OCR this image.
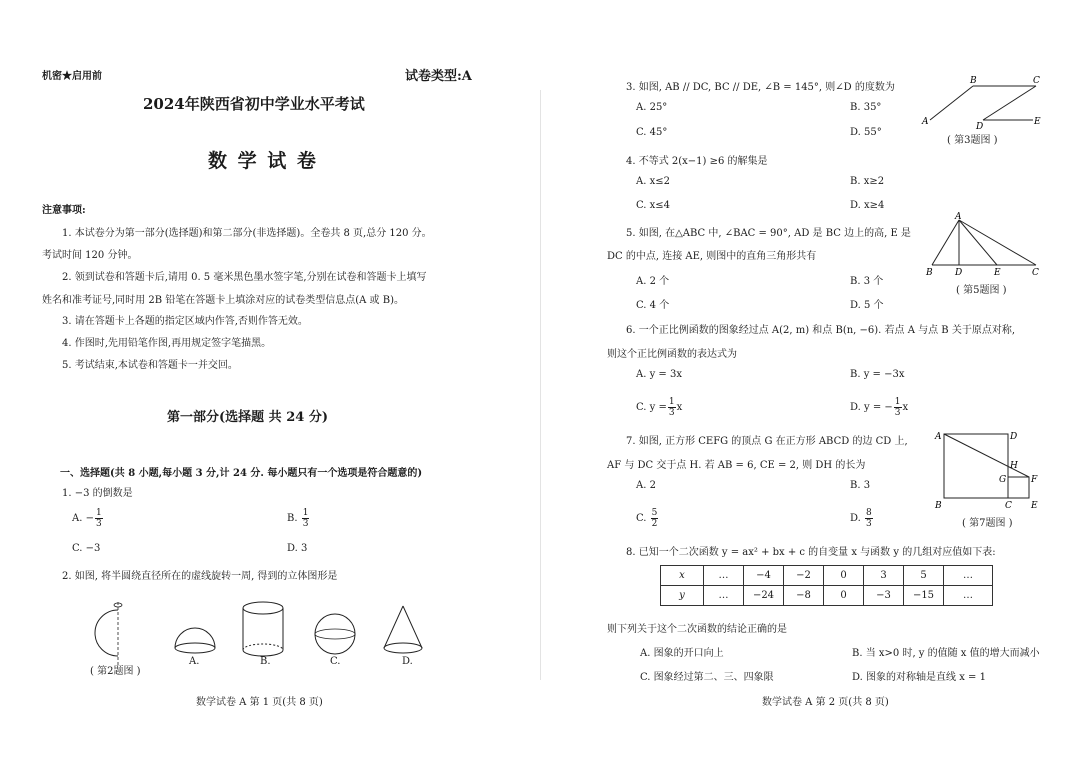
机密★启用前	试卷类型:A
2024年陕西省初中学业水平考试
数 学 试 卷
注意事项:
1. 本试卷分为第一部分(选择题)和第二部分(非选择题)。全卷共 8 页,总分 120 分。
考试时间 120 分钟。
2. 领到试卷和答题卡后,请用 0. 5 毫米黑色墨水签字笔,分别在试卷和答题卡上填写
姓名和准考证号,同时用 2B 铅笔在答题卡上填涂对应的试卷类型信息点(A 或 B)。
3. 请在答题卡上各题的指定区域内作答,否则作答无效。
4. 作图时,先用铅笔作图,再用规定签字笔描黑。
5. 考试结束,本试卷和答题卡一并交回。
第一部分(选择题 共 24 分)
一、选择题(共 8 小题,每小题 3 分,计 24 分. 每小题只有一个选项是符合题意的)
1. −3 的倒数是
A. − $\frac{1}{3}$	B. $\frac{1}{3}$
C. −3	D. 3
2. 如图, 将半圆绕直径所在的虚线旋转一周, 得到的立体图形是
( 第2题图 )
A.	B.	C.	D.
数学试卷 A 第 1 页(共 8 页)
3. 如图, AB // DC, BC // DE, ∠B = 145°, 则∠D 的度数为
A. 25°	B. 35°
C. 45°	D. 55°
B	C
A	D	E
( 第3题图 )
4. 不等式 2(x−1) ≥6 的解集是
A. x≤2	B. x≥2
C. x≤4	D. x≥4
5. 如图, 在△ABC 中, ∠BAC = 90°, AD 是 BC 边上的高, E 是
DC 的中点, 连接 AE, 则图中的直角三角形共有
A. 2 个	B. 3 个
C. 4 个	D. 5 个
A
B D	E	C
( 第5题图 )
6. 一个正比例函数的图象经过点 A(2, m) 和点 B(n, −6). 若点 A 与点 B 关于原点对称,
则这个正比例函数的表达式为
A. y = 3x	B. y = −3x
C. $y = \frac{1}{3}$ x	D. y = − $\frac{1}{3}$ x
7. 如图, 正方形 CEFG 的顶点 G 在正方形 ABCD 的边 CD 上,
AF 与 DC 交于点 H. 若 AB = 6, CE = 2, 则 DH 的长为
A. 2	B. 3
C. $\frac{5}{2}$	D. $\frac{8}{3}$
A	D
H
G	F
B	C E
( 第7题图 )
8. 已知一个二次函数 y = ax² + bx + c 的自变量 x 与函数 y 的几组对应值如下表:
x	…	−4	−2	0	3	5	…
y	…	−24	−8	0	−3	−15	…
则下列关于这个二次函数的结论正确的是
A. 图象的开口向上	B. 当 x>0 时, y 的值随 x 值的增大而减小
C. 图象经过第二、三、四象限	D. 图象的对称轴是直线 x = 1
数学试卷 A 第 2 页(共 8 页)
